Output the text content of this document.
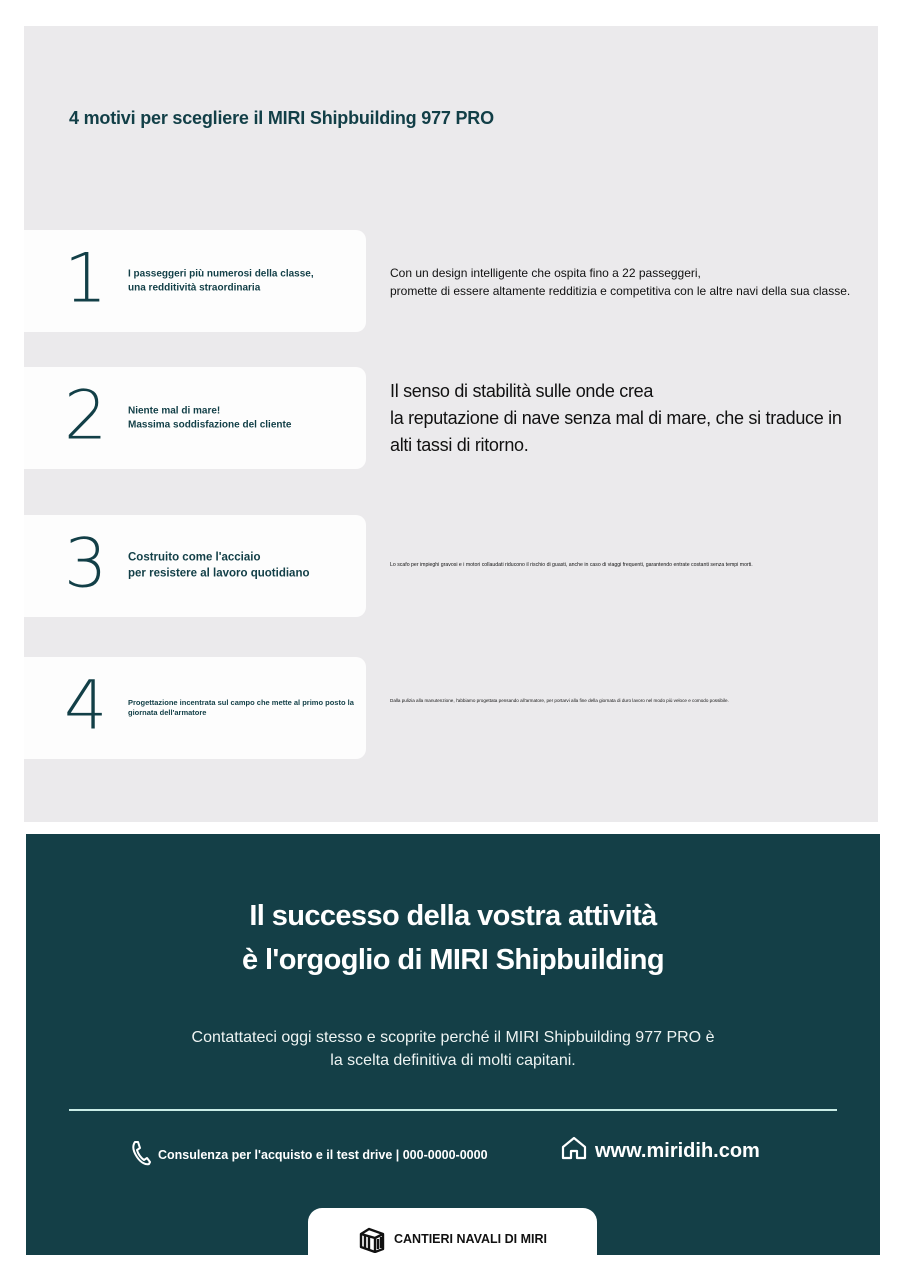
4 motivi per scegliere il MIRI Shipbuilding 977 PRO
1 I passeggeri più numerosi della classe,
una redditività straordinaria
Con un design intelligente che ospita fino a 22 passeggeri,
promette di essere altamente redditizia e competitiva con le altre navi della sua classe.
2 Niente mal di mare!
Massima soddisfazione del cliente
Il senso di stabilità sulle onde crea
la reputazione di nave senza mal di mare, che si traduce in
alti tassi di ritorno.
3 Costruito come l'acciaio
per resistere al lavoro quotidiano
Lo scafo per impieghi gravosi e i motori collaudati riducono il rischio di guasti, anche in caso di viaggi frequenti, garantendo entrate costanti senza tempi morti.
4	Progettazione incentrata sul campo che mette al primo posto la
giornata dell'armatore
Dalla pulizia alla manutenzione, l'abbiamo progettata pensando all'armatore, per portarvi alla fine della giornata di duro lavoro nel modo più veloce e comodo possibile.
Il successo della vostra attività
è l'orgoglio di MIRI Shipbuilding

Contattateci oggi stesso e scoprite perché il MIRI Shipbuilding 977 PRO è
la scelta definitiva di molti capitani.

Consulenza per l'acquisto e il test drive | 000-0000-0000	www.miridih.com
CANTIERI NAVALI DI MIRI
